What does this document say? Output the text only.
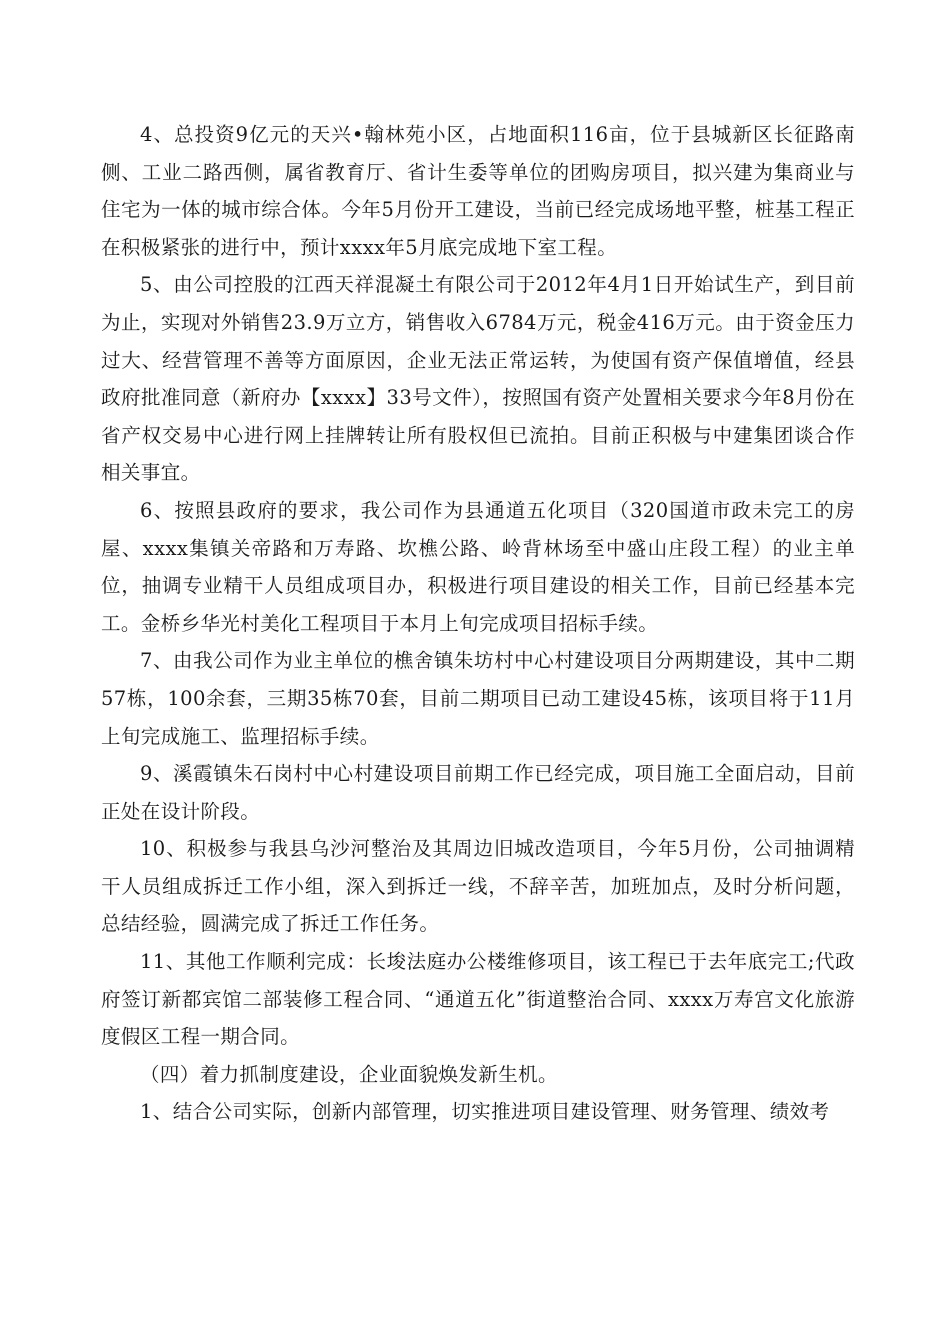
4、总投资9亿元的天兴•翰林苑小区，占地面积116亩，位于县城新区长征路南侧、工业二路西侧，属省教育厅、省计生委等单位的团购房项目，拟兴建为集商业与住宅为一体的城市综合体。今年5月份开工建设，当前已经完成场地平整，桩基工程正在积极紧张的进行中，预计xxxx年5月底完成地下室工程。

5、由公司控股的江西天祥混凝土有限公司于2012年4月1日开始试生产，到目前为止，实现对外销售23.9万立方，销售收入6784万元，税金416万元。由于资金压力过大、经营管理不善等方面原因，企业无法正常运转，为使国有资产保值增值，经县政府批准同意（新府办【xxxx】33号文件），按照国有资产处置相关要求今年8月份在省产权交易中心进行网上挂牌转让所有股权但已流拍。目前正积极与中建集团谈合作相关事宜。

6、按照县政府的要求，我公司作为县通道五化项目（320国道市政未完工的房屋、xxxx集镇关帝路和万寿路、坎樵公路、岭背林场至中盛山庄段工程）的业主单位，抽调专业精干人员组成项目办，积极进行项目建设的相关工作，目前已经基本完工。金桥乡华光村美化工程项目于本月上旬完成项目招标手续。

7、由我公司作为业主单位的樵舍镇朱坊村中心村建设项目分两期建设，其中二期57栋，100余套，三期35栋70套，目前二期项目已动工建设45栋，该项目将于11月上旬完成施工、监理招标手续。

9、溪霞镇朱石岗村中心村建设项目前期工作已经完成，项目施工全面启动，目前正处在设计阶段。

10、积极参与我县乌沙河整治及其周边旧城改造项目，今年5月份，公司抽调精干人员组成拆迁工作小组，深入到拆迁一线，不辞辛苦，加班加点，及时分析问题，总结经验，圆满完成了拆迁工作任务。

11、其他工作顺利完成：长埈法庭办公楼维修项目，该工程已于去年底完工;代政府签订新都宾馆二部装修工程合同、“通道五化”街道整治合同、xxxx万寿宫文化旅游度假区工程一期合同。

（四）着力抓制度建设，企业面貌焕发新生机。

1、结合公司实际，创新内部管理，切实推进项目建设管理、财务管理、绩效考
